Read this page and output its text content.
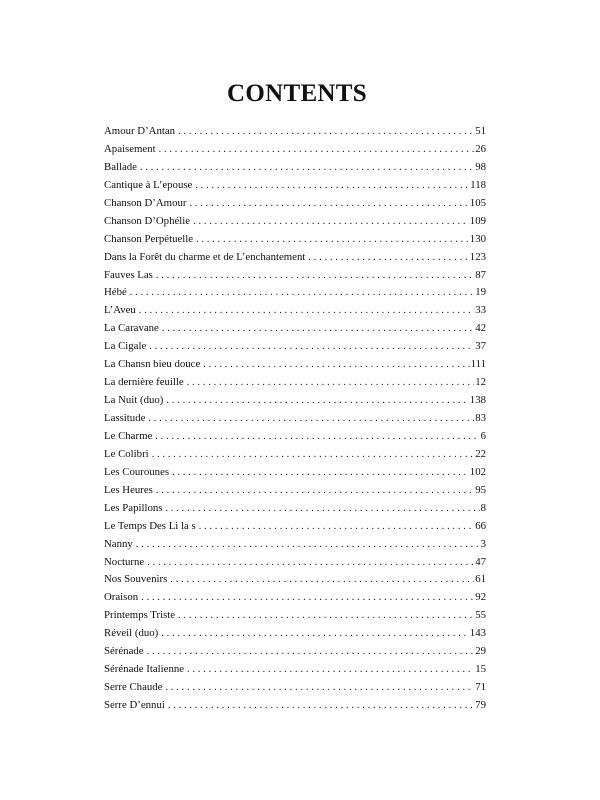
CONTENTS
Amour D’Antan . . .	51
Apaisement . . .	26
Ballade . . .	98
Cantique à L’epouse . . .	118
Chanson D’Amour . . .	105
Chanson D’Ophélie . . .	109
Chanson Perpétuelle . . .	130
Dans la Forêt du charme et de L’enchantement . . .	123
Fauves Las . . .	87
Hébé . . .	19
L’Aveu . . .	33
La Caravane . . .	42
La Cigale . . .	37
La Chansn bieu douce . . .	111
La dernière feuille . . .	12
La Nuit (duo) . . .	138
Lassitude . . .	83
Le Charme . . .	6
Le Colibri . . .	22
Les Courounes . . .	102
Les Heures . . .	95
Les Papillons . . .	8
Le Temps Des Li la s . . .	66
Nanny . . .	3
Nocturne . . .	47
Nos Souvenirs . . .	61
Oraison . . .	92
Printemps Triste . . .	55
Réveil (duo) . . .	143
Sérénade . . .	29
Sérénade Italienne . . .	15
Serre Chaude . . .	71
Serre D’ennui . . .	79
